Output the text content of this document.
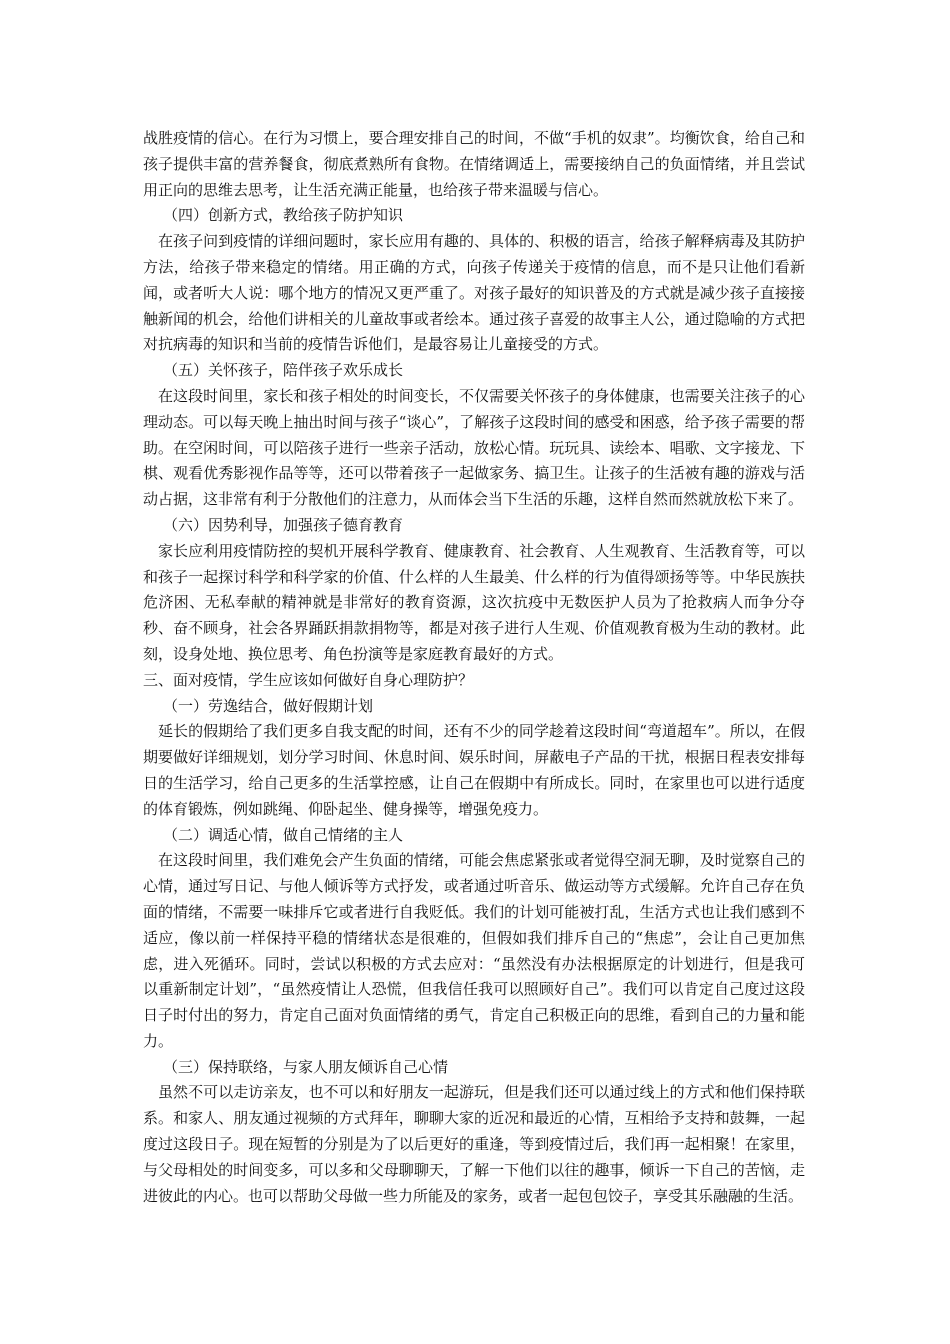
战胜疫情的信心。在行为习惯上，要合理安排自己的时间，不做“手机的奴隶”。均衡饮食，给自己和孩子提供丰富的营养餐食，彻底煮熟所有食物。在情绪调适上，需要接纳自己的负面情绪，并且尝试用正向的思维去思考，让生活充满正能量，也给孩子带来温暖与信心。

（四）创新方式，教给孩子防护知识

在孩子问到疫情的详细问题时，家长应用有趣的、具体的、积极的语言，给孩子解释病毒及其防护方法，给孩子带来稳定的情绪。用正确的方式，向孩子传递关于疫情的信息，而不是只让他们看新闻，或者听大人说：哪个地方的情况又更严重了。对孩子最好的知识普及的方式就是减少孩子直接接触新闻的机会，给他们讲相关的儿童故事或者绘本。通过孩子喜爱的故事主人公，通过隐喻的方式把对抗病毒的知识和当前的疫情告诉他们，是最容易让儿童接受的方式。

（五）关怀孩子，陪伴孩子欢乐成长

在这段时间里，家长和孩子相处的时间变长，不仅需要关怀孩子的身体健康，也需要关注孩子的心理动态。可以每天晚上抽出时间与孩子“谈心”，了解孩子这段时间的感受和困惑，给予孩子需要的帮助。在空闲时间，可以陪孩子进行一些亲子活动，放松心情。玩玩具、读绘本、唱歌、文字接龙、下棋、观看优秀影视作品等等，还可以带着孩子一起做家务、搞卫生。让孩子的生活被有趣的游戏与活动占据，这非常有利于分散他们的注意力，从而体会当下生活的乐趣，这样自然而然就放松下来了。

（六）因势利导，加强孩子德育教育

家长应利用疫情防控的契机开展科学教育、健康教育、社会教育、人生观教育、生活教育等，可以和孩子一起探讨科学和科学家的价值、什么样的人生最美、什么样的行为值得颂扬等等。中华民族扶危济困、无私奉献的精神就是非常好的教育资源，这次抗疫中无数医护人员为了抢救病人而争分夺秒、奋不顾身，社会各界踊跃捐款捐物等，都是对孩子进行人生观、价值观教育极为生动的教材。此刻，设身处地、换位思考、角色扮演等是家庭教育最好的方式。

三、面对疫情，学生应该如何做好自身心理防护？

（一）劳逸结合，做好假期计划

延长的假期给了我们更多自我支配的时间，还有不少的同学趁着这段时间“弯道超车”。所以，在假期要做好详细规划，划分学习时间、休息时间、娱乐时间，屏蔽电子产品的干扰，根据日程表安排每日的生活学习，给自己更多的生活掌控感，让自己在假期中有所成长。同时，在家里也可以进行适度的体育锻炼，例如跳绳、仰卧起坐、健身操等，增强免疫力。

（二）调适心情，做自己情绪的主人

在这段时间里，我们难免会产生负面的情绪，可能会焦虑紧张或者觉得空洞无聊，及时觉察自己的心情，通过写日记、与他人倾诉等方式抒发，或者通过听音乐、做运动等方式缓解。允许自己存在负面的情绪，不需要一味排斥它或者进行自我贬低。我们的计划可能被打乱，生活方式也让我们感到不适应，像以前一样保持平稳的情绪状态是很难的，但假如我们排斥自己的“焦虑”，会让自己更加焦虑，进入死循环。同时，尝试以积极的方式去应对：“虽然没有办法根据原定的计划进行，但是我可以重新制定计划”，“虽然疫情让人恐慌，但我信任我可以照顾好自己”。我们可以肯定自己度过这段日子时付出的努力，肯定自己面对负面情绪的勇气，肯定自己积极正向的思维，看到自己的力量和能力。

（三）保持联络，与家人朋友倾诉自己心情

虽然不可以走访亲友，也不可以和好朋友一起游玩，但是我们还可以通过线上的方式和他们保持联系。和家人、朋友通过视频的方式拜年，聊聊大家的近况和最近的心情，互相给予支持和鼓舞，一起度过这段日子。现在短暂的分别是为了以后更好的重逢，等到疫情过后，我们再一起相聚！在家里，与父母相处的时间变多，可以多和父母聊聊天，了解一下他们以往的趣事，倾诉一下自己的苦恼，走进彼此的内心。也可以帮助父母做一些力所能及的家务，或者一起包包饺子，享受其乐融融的生活。
